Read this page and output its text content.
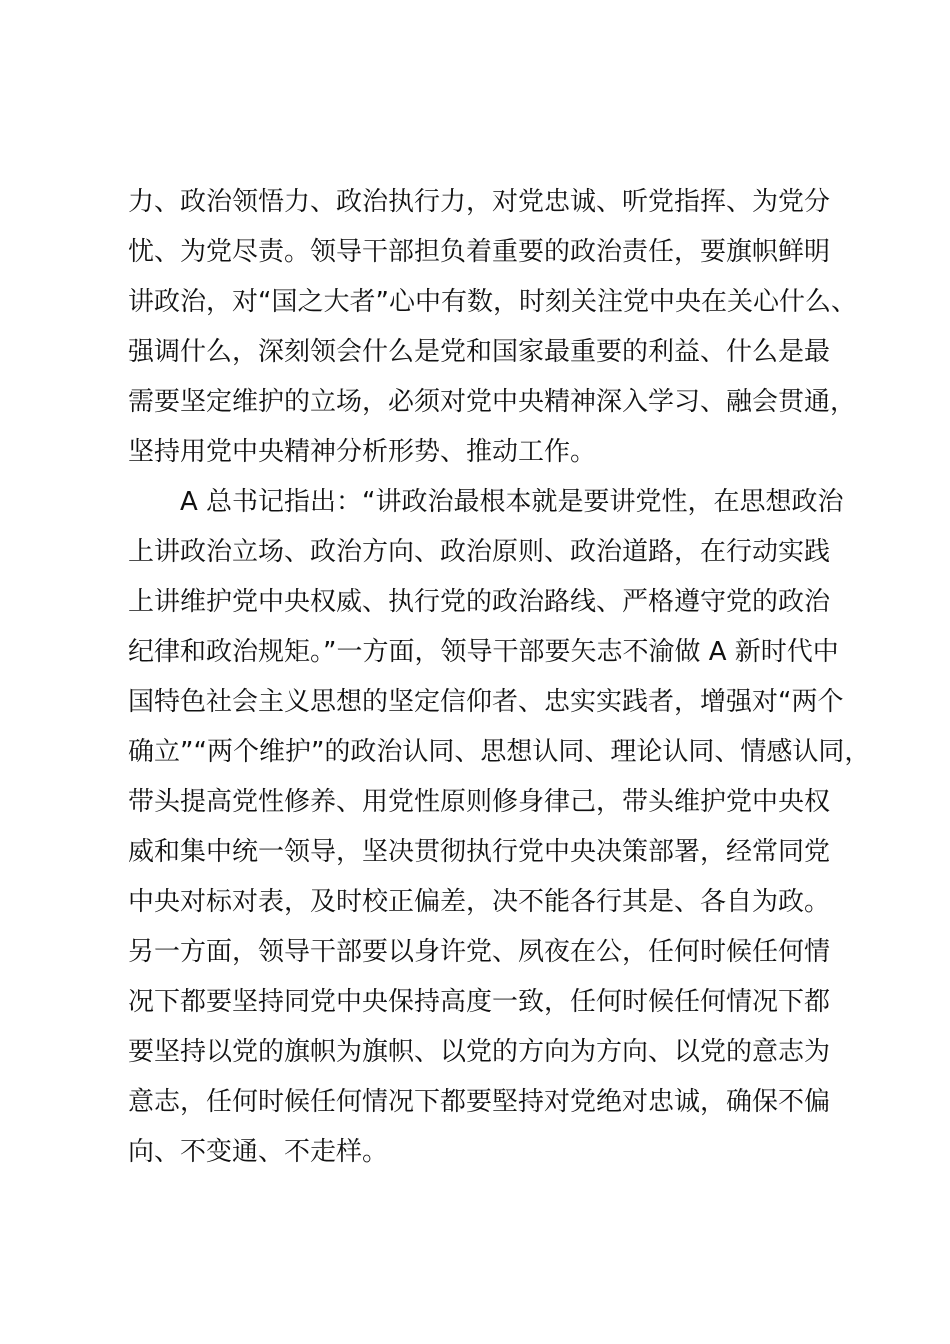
力、政治领悟力、政治执行力，对党忠诚、听党指挥、为党分
忧、为党尽责。领导干部担负着重要的政治责任，要旗帜鲜明
讲政治，对“国之大者”心中有数，时刻关注党中央在关心什么、
强调什么，深刻领会什么是党和国家最重要的利益、什么是最
需要坚定维护的立场，必须对党中央精神深入学习、融会贯通，
坚持用党中央精神分析形势、推动工作。
A 总书记指出：“讲政治最根本就是要讲党性，在思想政治
上讲政治立场、政治方向、政治原则、政治道路，在行动实践
上讲维护党中央权威、执行党的政治路线、严格遵守党的政治
纪律和政治规矩。”一方面，领导干部要矢志不渝做 A 新时代中
国特色社会主义思想的坚定信仰者、忠实实践者，增强对“两个
确立”“两个维护”的政治认同、思想认同、理论认同、情感认同，
带头提高党性修养、用党性原则修身律己，带头维护党中央权
威和集中统一领导，坚决贯彻执行党中央决策部署，经常同党
中央对标对表，及时校正偏差，决不能各行其是、各自为政。
另一方面，领导干部要以身许党、夙夜在公，任何时候任何情
况下都要坚持同党中央保持高度一致，任何时候任何情况下都
要坚持以党的旗帜为旗帜、以党的方向为方向、以党的意志为
意志，任何时候任何情况下都要堅持对党绝对忠诚，确保不偏
向、不变通、不走样。
